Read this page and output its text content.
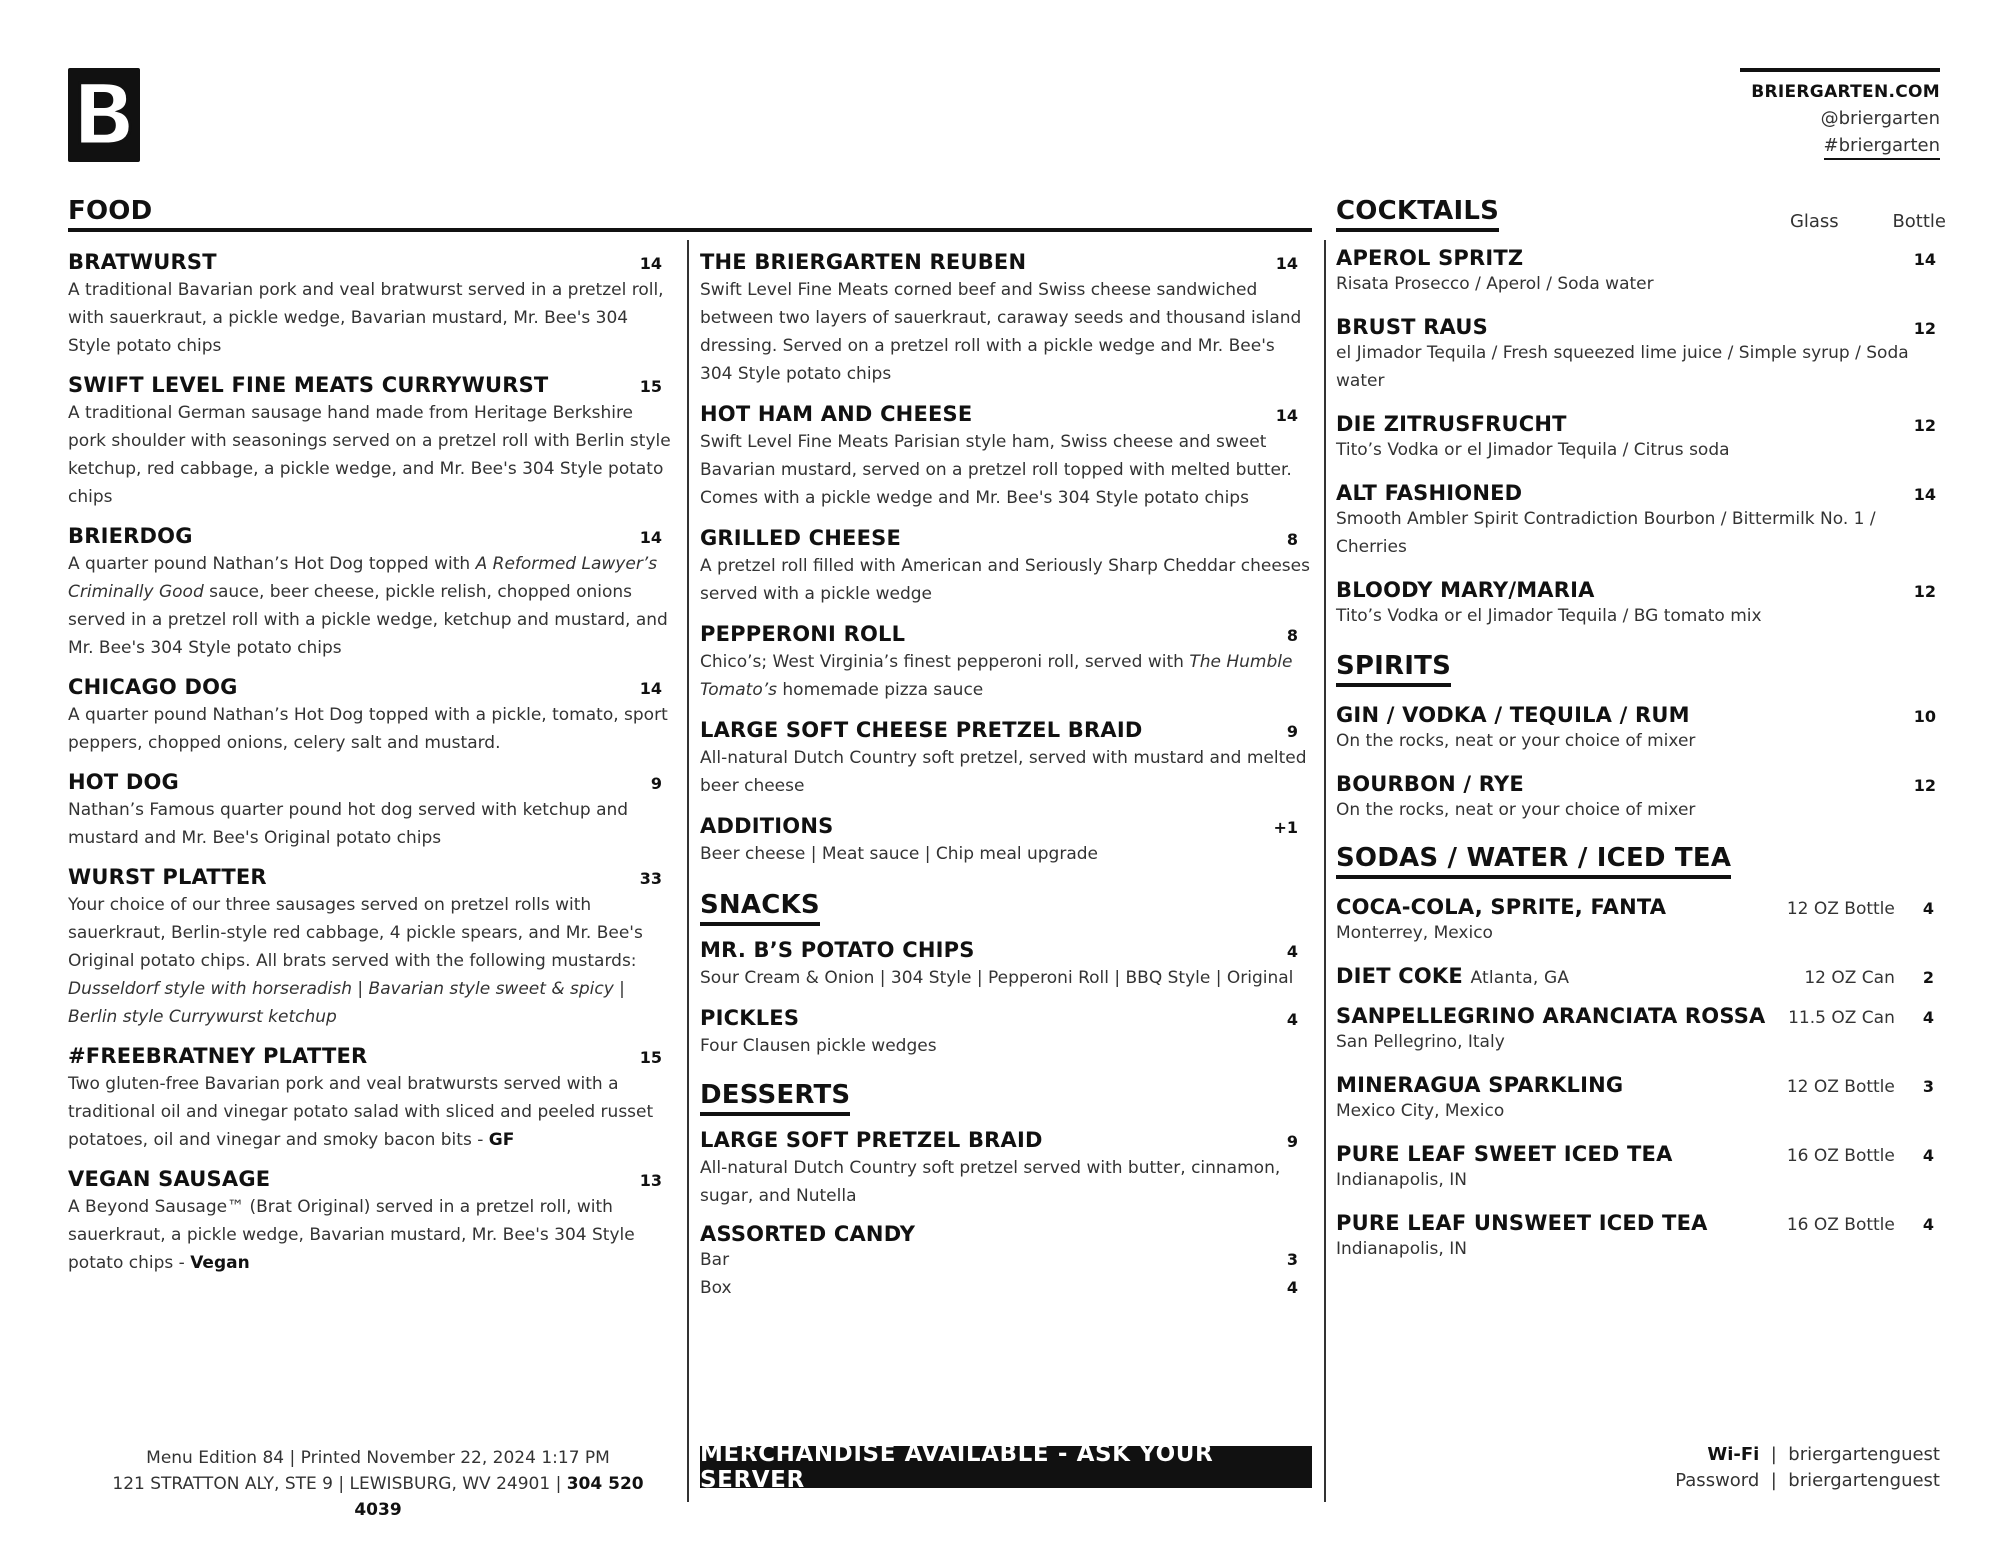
B	BRIERGARTEN.COM
@briergarten
#briergarten
FOOD
BRATWURST	14
A traditional Bavarian pork and veal bratwurst served in a pretzel roll, with sauerkraut, a pickle wedge, Bavarian mustard, Mr. Bee's 304 Style potato chips
SWIFT LEVEL FINE MEATS CURRYWURST	15
A traditional German sausage hand made from Heritage Berkshire pork shoulder with seasonings served on a pretzel roll with Berlin style ketchup, red cabbage, a pickle wedge, and Mr. Bee's 304 Style potato chips
BRIERDOG	14
A quarter pound Nathan’s Hot Dog topped with A Reformed Lawyer’s Criminally Good sauce, beer cheese, pickle relish, chopped onions served in a pretzel roll with a pickle wedge, ketchup and mustard, and Mr. Bee's 304 Style potato chips
CHICAGO DOG	14
A quarter pound Nathan’s Hot Dog topped with a pickle, tomato, sport peppers, chopped onions, celery salt and mustard.
HOT DOG	9
Nathan’s Famous quarter pound hot dog served with ketchup and mustard and Mr. Bee's Original potato chips
WURST PLATTER	33
Your choice of our three sausages served on pretzel rolls with sauerkraut, Berlin-style red cabbage, 4 pickle spears, and Mr. Bee's Original potato chips. All brats served with the following mustards: Dusseldorf style with horseradish | Bavarian style sweet & spicy | Berlin style Currywurst ketchup
#FREEBRATNEY PLATTER	15
Two gluten-free Bavarian pork and veal bratwursts served with a traditional oil and vinegar potato salad with sliced and peeled russet potatoes, oil and vinegar and smoky bacon bits - GF
VEGAN SAUSAGE	13
A Beyond Sausage™ (Brat Original) served in a pretzel roll, with sauerkraut, a pickle wedge, Bavarian mustard, Mr. Bee's 304 Style potato chips - Vegan
THE BRIERGARTEN REUBEN	14
Swift Level Fine Meats corned beef and Swiss cheese sandwiched between two layers of sauerkraut, caraway seeds and thousand island dressing. Served on a pretzel roll with a pickle wedge and Mr. Bee's 304 Style potato chips
HOT HAM AND CHEESE	14
Swift Level Fine Meats Parisian style ham, Swiss cheese and sweet Bavarian mustard, served on a pretzel roll topped with melted butter. Comes with a pickle wedge and Mr. Bee's 304 Style potato chips
GRILLED CHEESE	8
A pretzel roll filled with American and Seriously Sharp Cheddar cheeses served with a pickle wedge
PEPPERONI ROLL	8
Chico’s; West Virginia’s finest pepperoni roll, served with The Humble Tomato’s homemade pizza sauce
LARGE SOFT CHEESE PRETZEL BRAID	9
All-natural Dutch Country soft pretzel, served with mustard and melted beer cheese
ADDITIONS	+1
Beer cheese | Meat sauce | Chip meal upgrade
SNACKS
MR. B’S POTATO CHIPS	4
Sour Cream & Onion | 304 Style | Pepperoni Roll | BBQ Style | Original
PICKLES	4
Four Clausen pickle wedges
DESSERTS
LARGE SOFT PRETZEL BRAID	9
All-natural Dutch Country soft pretzel served with butter, cinnamon, sugar, and Nutella
ASSORTED CANDY
Bar	3
Box	4
COCKTAILS	Glass	Bottle
APEROL SPRITZ	14
Risata Prosecco / Aperol / Soda water
BRUST RAUS	12
el Jimador Tequila / Fresh squeezed lime juice / Simple syrup / Soda water
DIE ZITRUSFRUCHT	12
Tito’s Vodka or el Jimador Tequila / Citrus soda
ALT FASHIONED	14
Smooth Ambler Spirit Contradiction Bourbon / Bittermilk No. 1 / Cherries
BLOODY MARY/MARIA	12
Tito’s Vodka or el Jimador Tequila / BG tomato mix
SPIRITS
GIN / VODKA / TEQUILA / RUM	10
On the rocks, neat or your choice of mixer
BOURBON / RYE	12
On the rocks, neat or your choice of mixer
SODAS / WATER / ICED TEA
COCA-COLA, SPRITE, FANTA	12 OZ Bottle 4
Monterrey, Mexico
DIET COKE Atlanta, GA	12 OZ Can 2
SANPELLEGRINO ARANCIATA ROSSA 11.5 OZ Can 4
San Pellegrino, Italy
MINERAGUA SPARKLING	12 OZ Bottle 3
Mexico City, Mexico
PURE LEAF SWEET ICED TEA	16 OZ Bottle 4
Indianapolis, IN
PURE LEAF UNSWEET ICED TEA	16 OZ Bottle 4
Indianapolis, IN
Menu Edition 84 | Printed November 22, 2024 1:17 PM
121 STRATTON ALY, STE 9 | LEWISBURG, WV 24901 | 304 520 4039
MERCHANDISE AVAILABLE - ASK YOUR SERVER
Wi-Fi  |  briergartenguest
Password  |  briergartenguest
